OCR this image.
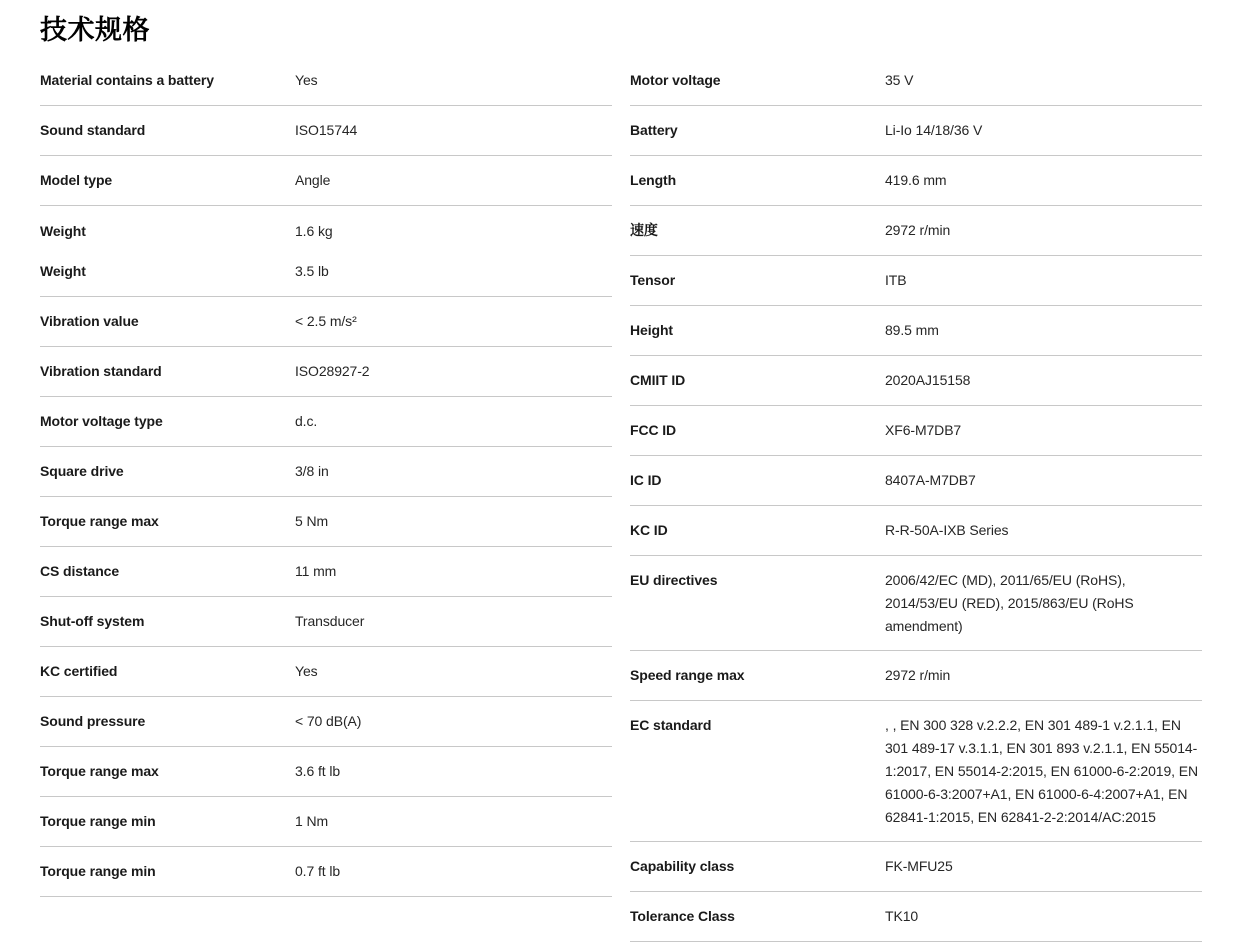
技术规格
Material contains a battery	Yes
Sound standard	ISO15744
Model type	Angle
Weight	1.6 kg
Weight	3.5 lb
Vibration value	< 2.5 m/s²
Vibration standard	ISO28927-2
Motor voltage type	d.c.
Square drive	3/8 in
Torque range max	5 Nm
CS distance	11 mm
Shut-off system	Transducer
KC certified	Yes
Sound pressure	< 70 dB(A)
Torque range max	3.6 ft lb
Torque range min	1 Nm
Torque range min	0.7 ft lb
Motor voltage	35 V
Battery	Li-Io 14/18/36 V
Length	419.6 mm
速度	2972 r/min
Tensor	ITB
Height	89.5 mm
CMIIT ID	2020AJ15158
FCC ID	XF6-M7DB7
IC ID	8407A-M7DB7
KC ID	R-R-50A-IXB Series
EU directives	2006/42/EC (MD), 2011/65/EU (RoHS), 2014/53/EU (RED), 2015/863/EU (RoHS amendment)
Speed range max	2972 r/min
EC standard	, , EN 300 328 v.2.2.2, EN 301 489-1 v.2.1.1, EN 301 489-17 v.3.1.1, EN 301 893 v.2.1.1, EN 55014-1:2017, EN 55014-2:2015, EN 61000-6-2:2019, EN 61000-6-3:2007+A1, EN 61000-6-4:2007+A1, EN 62841-1:2015, EN 62841-2-2:2014/AC:2015
Capability class	FK-MFU25
Tolerance Class	TK10
